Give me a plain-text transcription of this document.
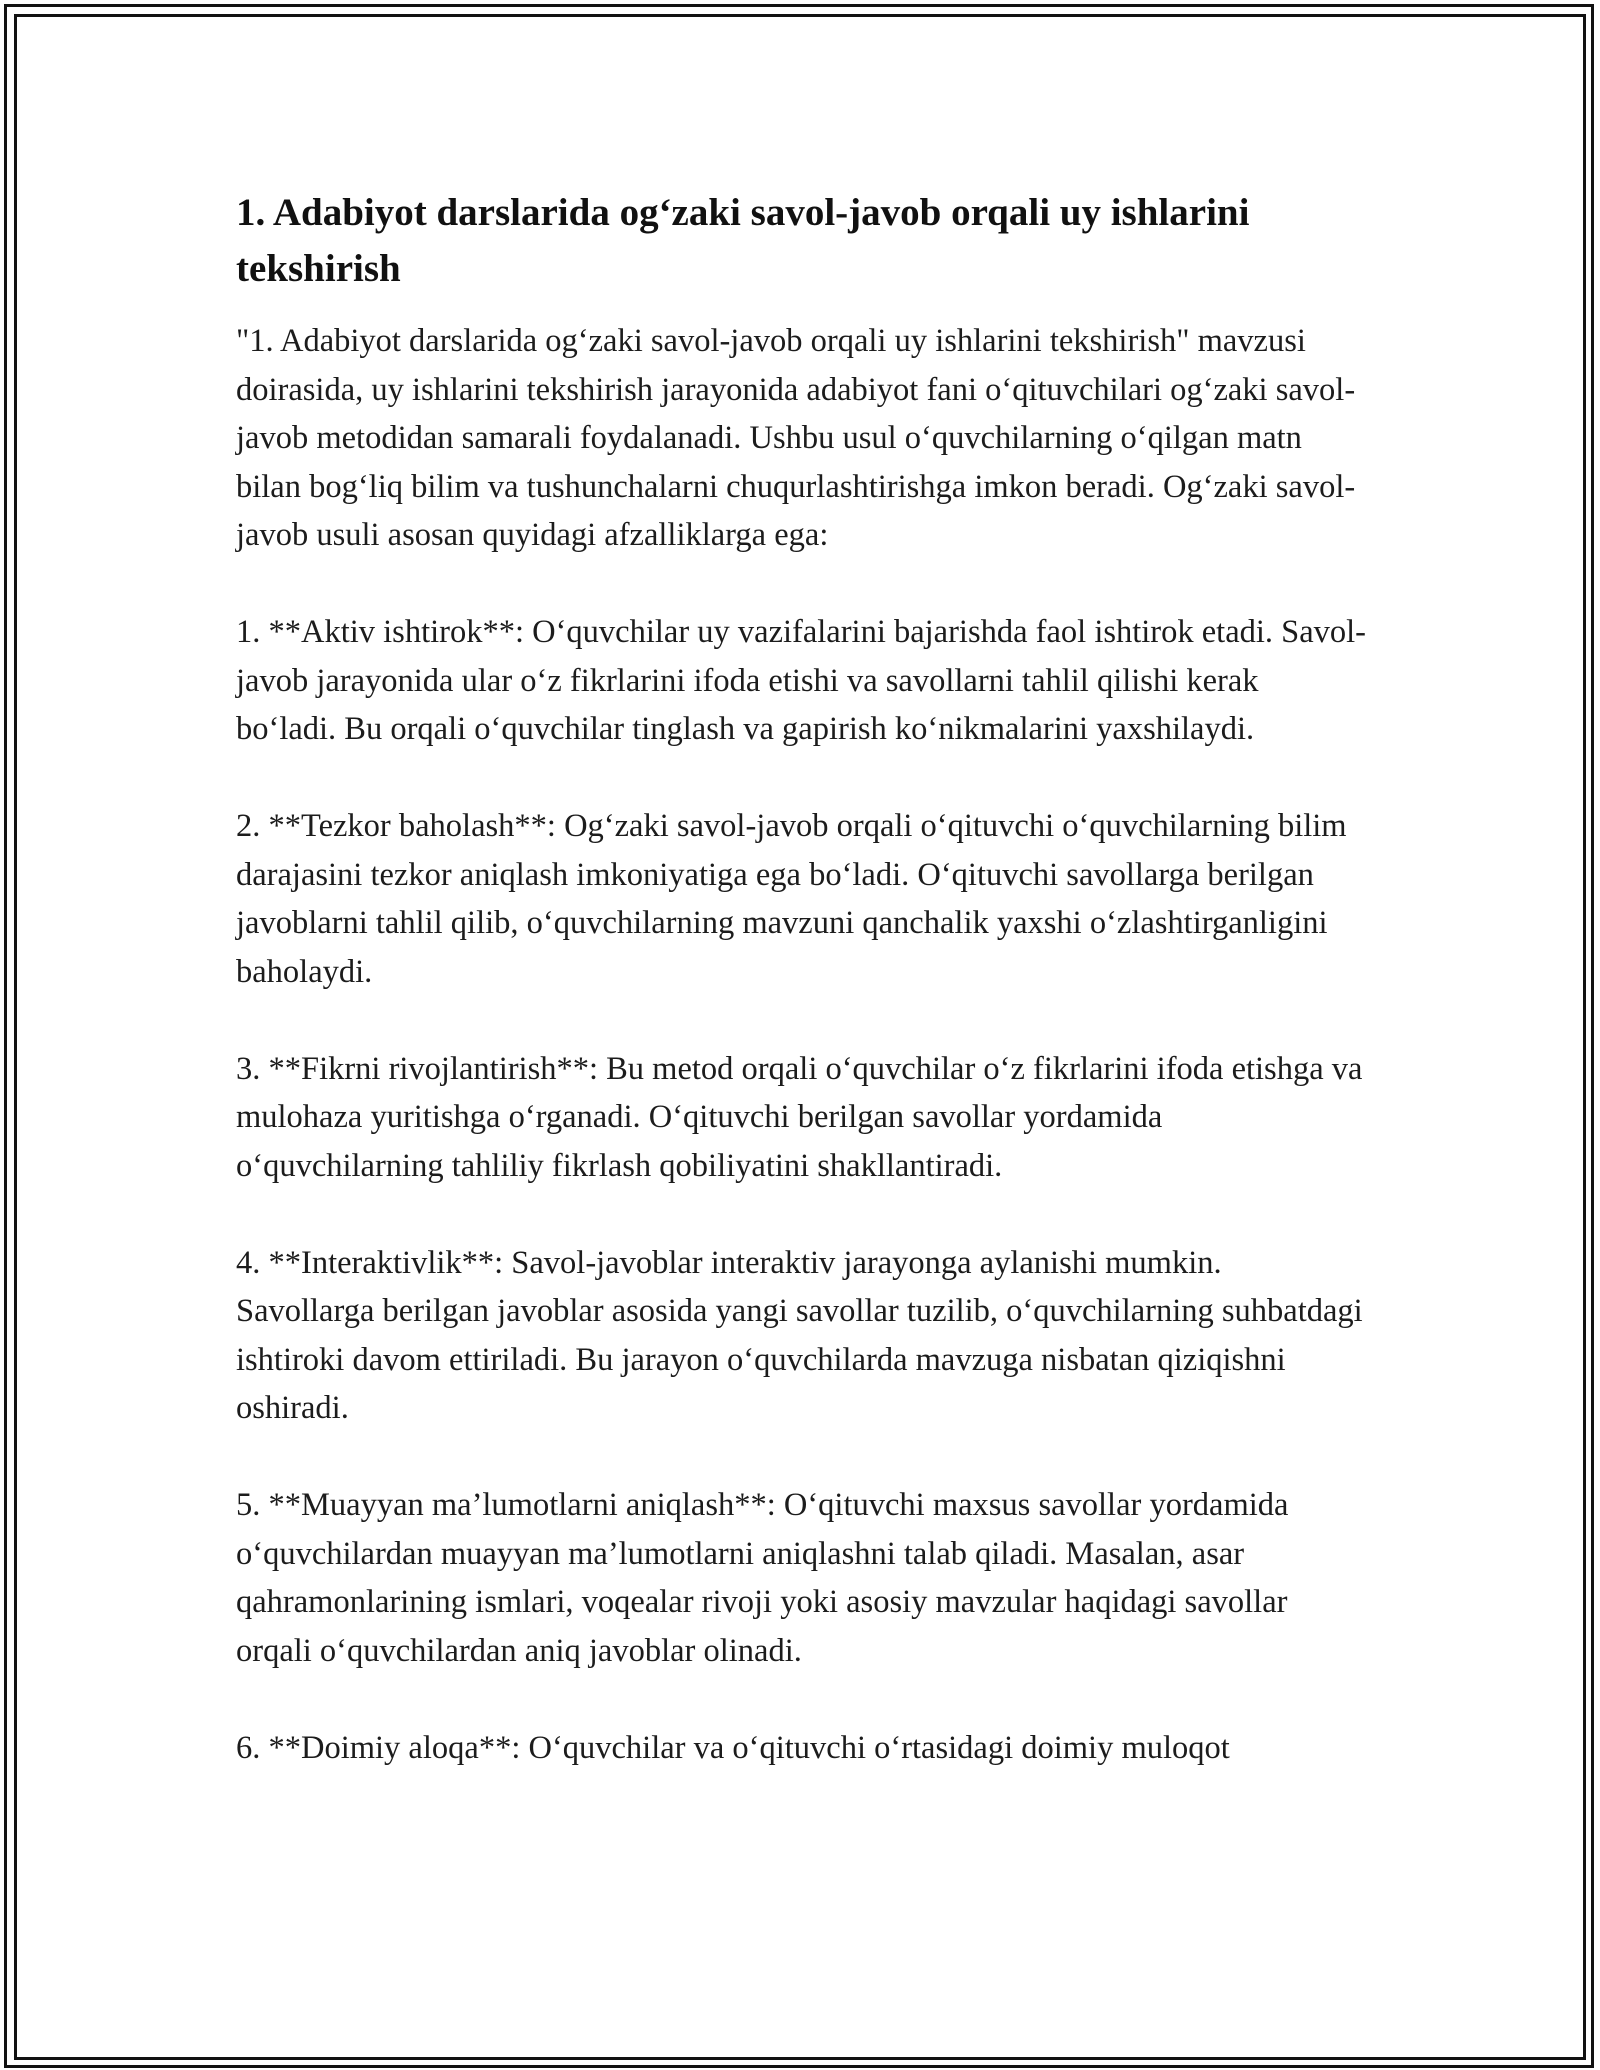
1. Adabiyot darslarida og‘zaki savol-javob orqali uy ishlarini tekshirish

"1. Adabiyot darslarida og‘zaki savol-javob orqali uy ishlarini tekshirish" mavzusi doirasida, uy ishlarini tekshirish jarayonida adabiyot fani o‘qituvchilari og‘zaki savol-javob metodidan samarali foydalanadi. Ushbu usul o‘quvchilarning o‘qilgan matn bilan bog‘liq bilim va tushunchalarni chuqurlashtirishga imkon beradi. Og‘zaki savol-javob usuli asosan quyidagi afzalliklarga ega:

1. **Aktiv ishtirok**: O‘quvchilar uy vazifalarini bajarishda faol ishtirok etadi. Savol-javob jarayonida ular o‘z fikrlarini ifoda etishi va savollarni tahlil qilishi kerak bo‘ladi. Bu orqali o‘quvchilar tinglash va gapirish ko‘nikmalarini yaxshilaydi.

2. **Tezkor baholash**: Og‘zaki savol-javob orqali o‘qituvchi o‘quvchilarning bilim darajasini tezkor aniqlash imkoniyatiga ega bo‘ladi. O‘qituvchi savollarga berilgan javoblarni tahlil qilib, o‘quvchilarning mavzuni qanchalik yaxshi o‘zlashtirganligini baholaydi.

3. **Fikrni rivojlantirish**: Bu metod orqali o‘quvchilar o‘z fikrlarini ifoda etishga va mulohaza yuritishga o‘rganadi. O‘qituvchi berilgan savollar yordamida o‘quvchilarning tahliliy fikrlash qobiliyatini shakllantiradi.

4. **Interaktivlik**: Savol-javoblar interaktiv jarayonga aylanishi mumkin. Savollarga berilgan javoblar asosida yangi savollar tuzilib, o‘quvchilarning suhbatdagi ishtiroki davom ettiriladi. Bu jarayon o‘quvchilarda mavzuga nisbatan qiziqishni oshiradi.

5. **Muayyan ma’lumotlarni aniqlash**: O‘qituvchi maxsus savollar yordamida o‘quvchilardan muayyan ma’lumotlarni aniqlashni talab qiladi. Masalan, asar qahramonlarining ismlari, voqealar rivoji yoki asosiy mavzular haqidagi savollar orqali o‘quvchilardan aniq javoblar olinadi.

6. **Doimiy aloqa**: O‘quvchilar va o‘qituvchi o‘rtasidagi doimiy muloqot
